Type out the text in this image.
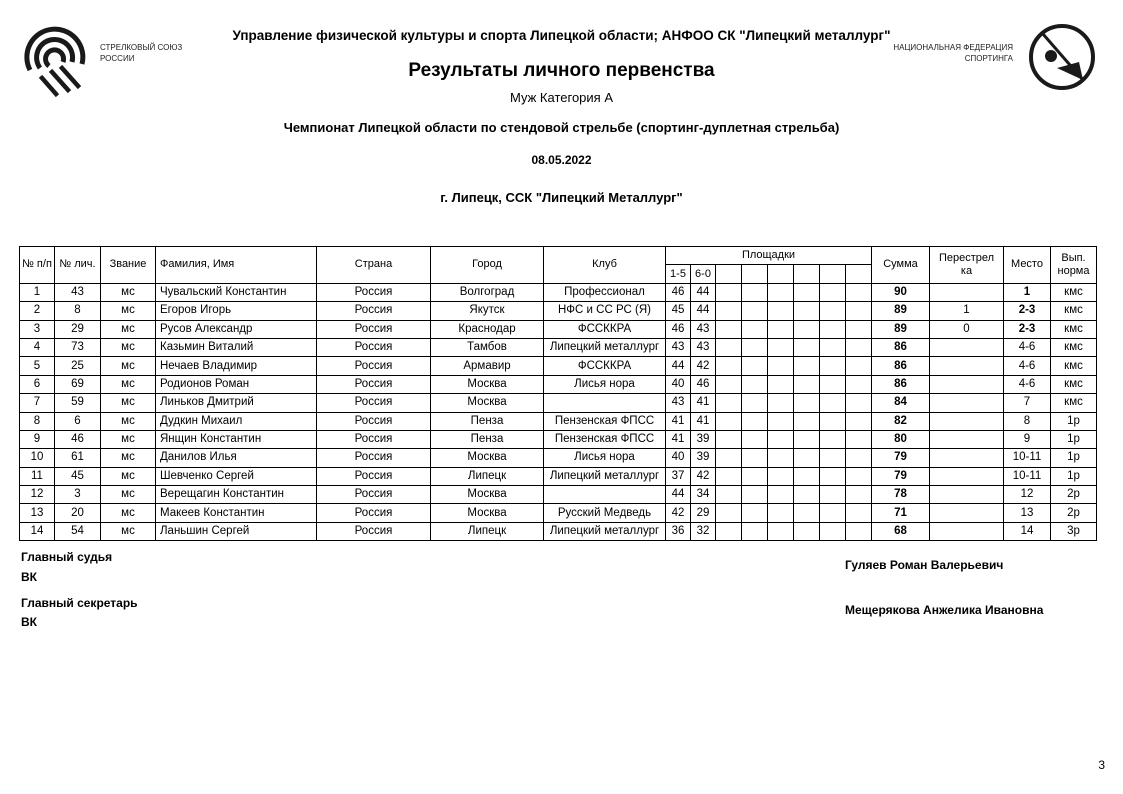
СТРЕЛКОВЫЙ СОЮЗ
РОССИИ
НАЦИОНАЛЬНАЯ ФЕДЕРАЦИЯ
СПОРТИНГА
Управление физической культуры и спорта Липецкой области; АНФОО СК "Липецкий металлург"
Результаты личного первенства
Муж Категория А
Чемпионат Липецкой области по стендовой стрельбе (спортинг-дуплетная стрельба)
08.05.2022
г. Липецк, ССК "Липецкий Металлург"
№ п/п	№ лич.	Звание	Фамилия, Имя	Страна	Город	Клуб	Площадки								Сумма	Перестрел ка	Место	Вып. норма
							1-5	6-0										
1	43	мс	Чувальский Константин	Россия	Волгоград	Профессионал	46	44							90		1	кмс
2	8	мс	Егоров Игорь	Россия	Якутск	НФС и СС РС (Я)	45	44							89	1	2-3	кмс
3	29	мс	Русов Александр	Россия	Краснодар	ФСCККРА	46	43							89	0	2-3	кмс
4	73	мс	Казьмин Виталий	Россия	Тамбов	Липецкий металлург	43	43							86		4-6	кмс
5	25	мс	Нечаев Владимир	Россия	Армавир	ФСCККРА	44	42							86		4-6	кмс
6	69	мс	Родионов Роман	Россия	Москва	Лисья нора	40	46							86		4-6	кмс
7	59	мс	Линьков Дмитрий	Россия	Москва		43	41							84		7	кмс
8	6	мс	Дудкин Михаил	Россия	Пенза	Пензенская ФПСС	41	41							82		8	1р
9	46	мс	Янщин Константин	Россия	Пенза	Пензенская ФПСС	41	39							80		9	1р
10	61	мс	Данилов Илья	Россия	Москва	Лисья нора	40	39							79		10-11	1р
11	45	мс	Шевченко Сергей	Россия	Липецк	Липецкий металлург	37	42							79		10-11	1р
12	3	мс	Верещагин Константин	Россия	Москва		44	34							78		12	2р
13	20	мс	Макеев Константин	Россия	Москва	Русский Медведь	42	29							71		13	2р
14	54	мс	Ланьшин Сергей	Россия	Липецк	Липецкий металлург	36	32							68		14	3р
Главный судья
ВК
Гуляев Роман Валерьевич
Главный секретарь
ВК
Мещерякова Анжелика Ивановна
3
